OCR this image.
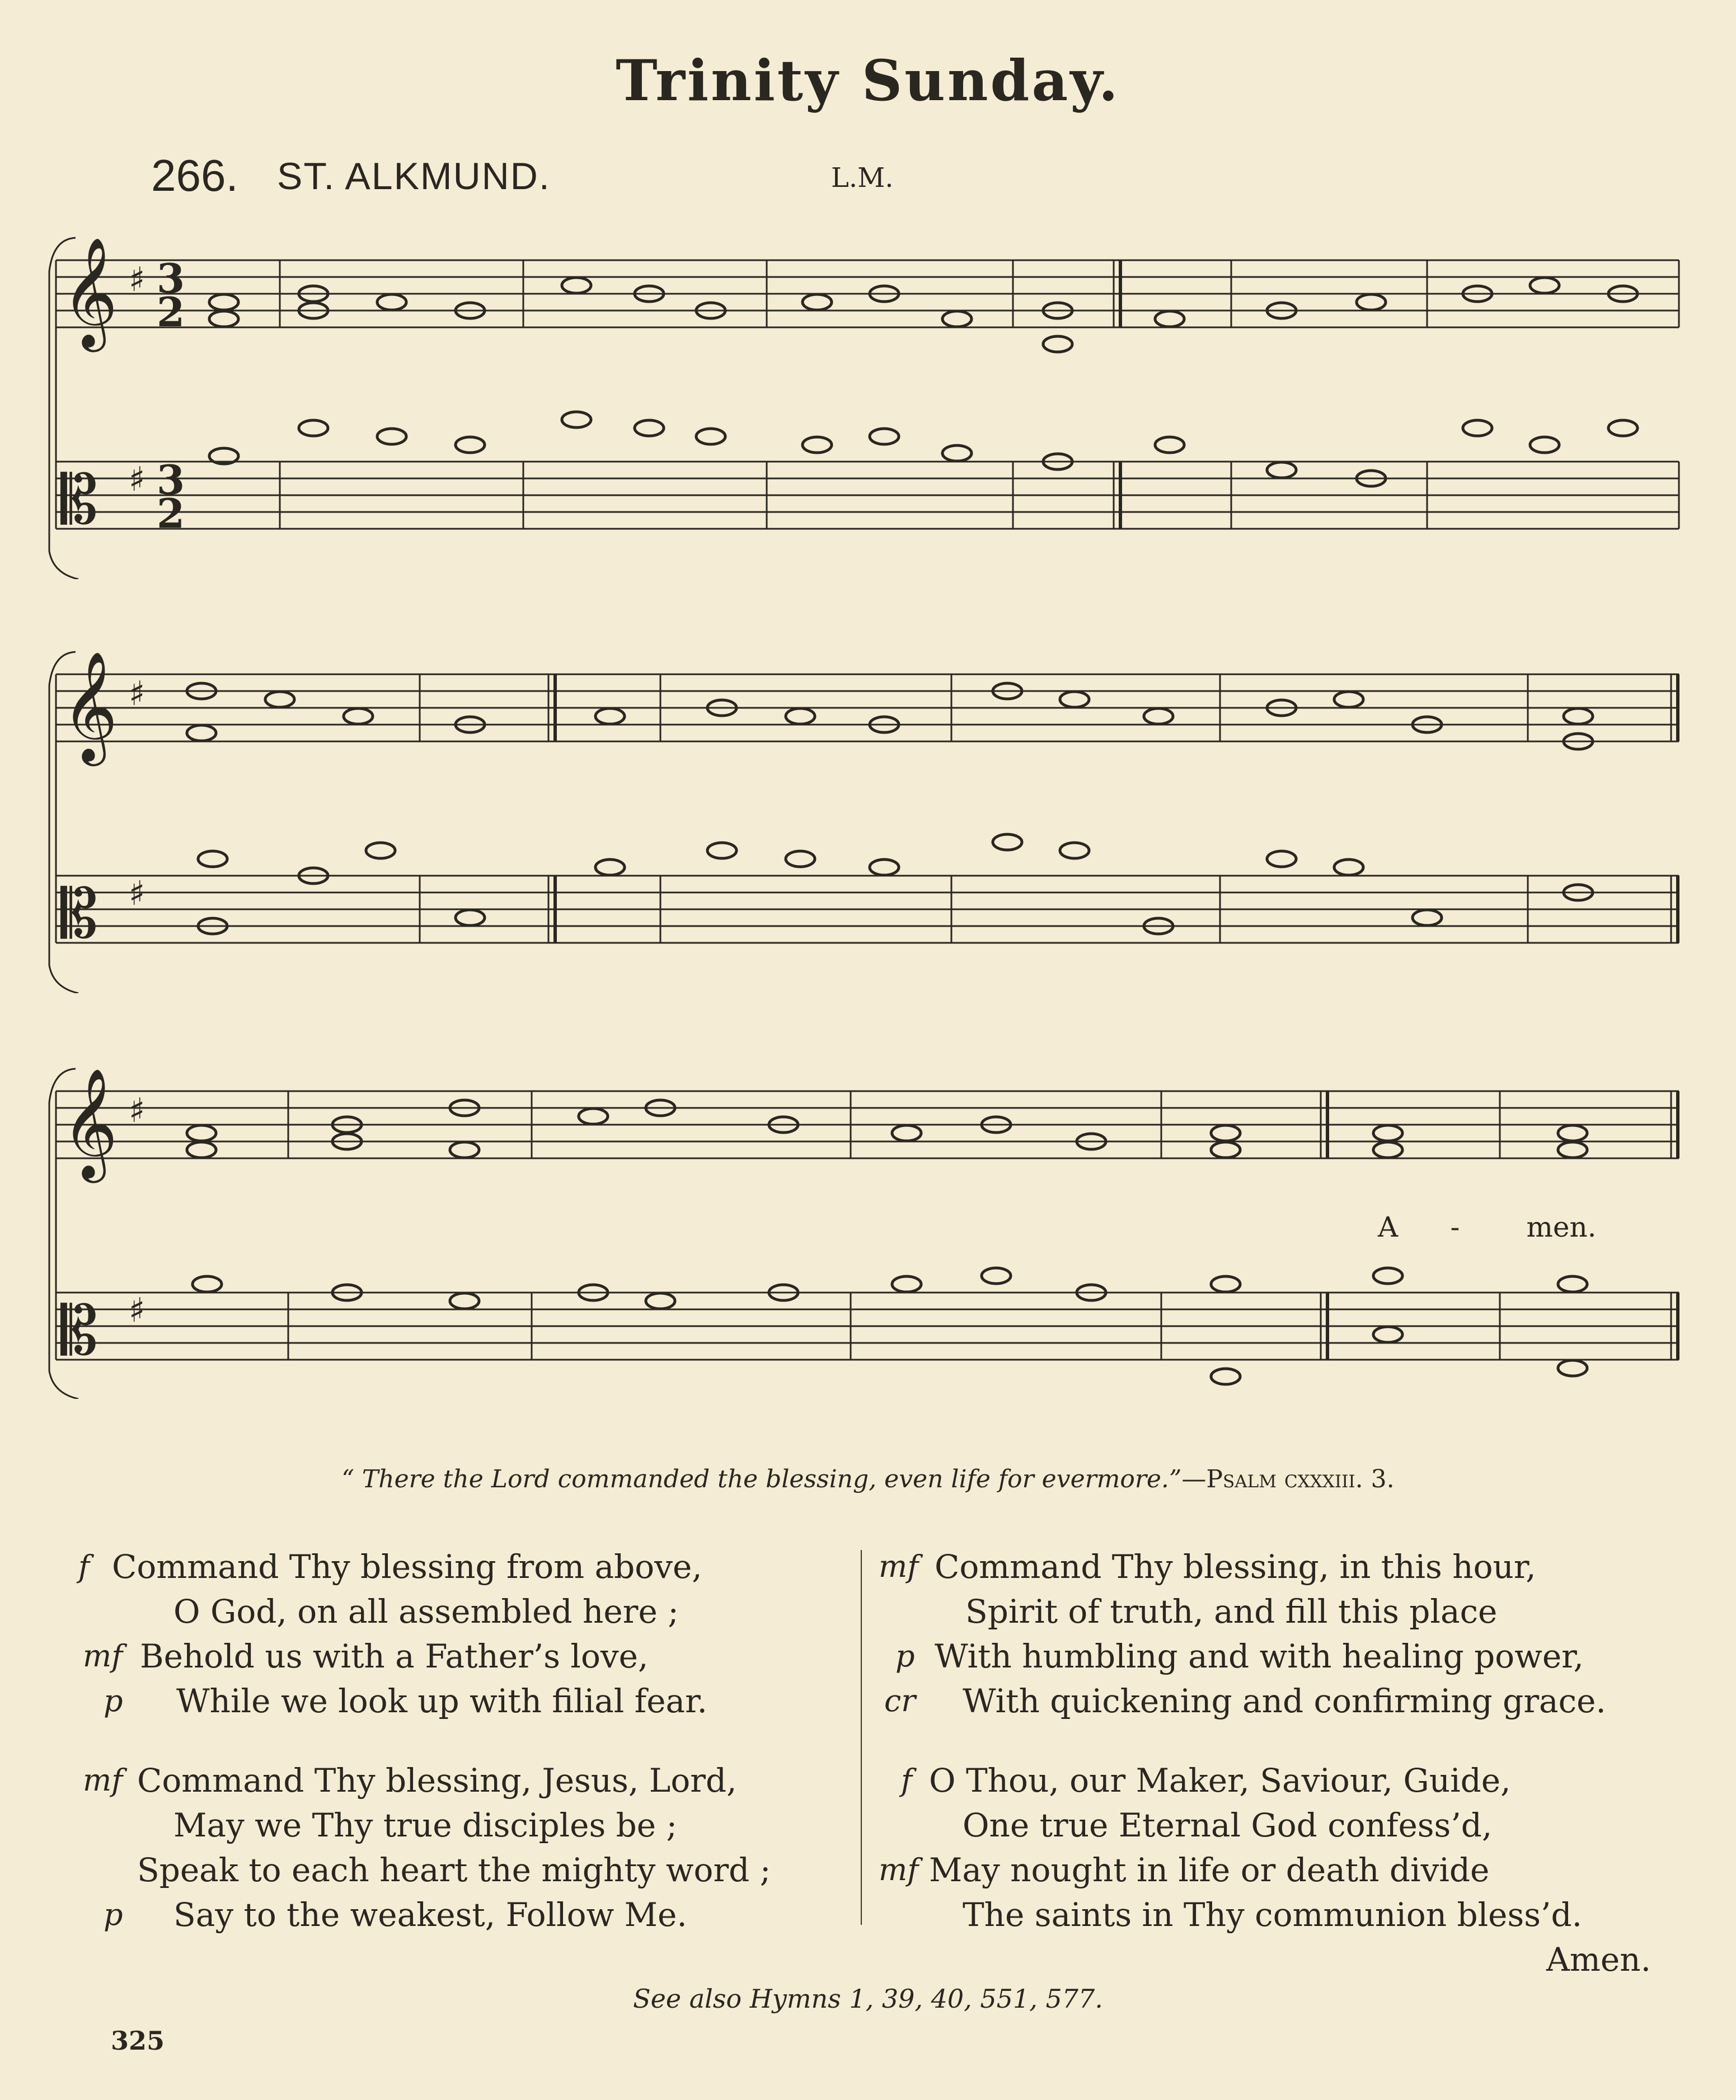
Trinity Sunday.
266. ST. ALKMUND.	L.M.
𝄞
𝄡
♯
♯
3
2
3
2
𝄞
𝄡
♯
♯
𝄞
𝄡
♯
♯
A - men.
“ There the Lord commanded the blessing, even life for evermore.”—Psalm cxxxiii. 3.
f Command Thy blessing from above,
O God, on all assembled here ;
mf Behold us with a Father’s love,
p While we look up with filial fear.
mf Command Thy blessing, Jesus, Lord,
May we Thy true disciples be ;
Speak to each heart the mighty word ;
p Say to the weakest, Follow Me.
mf Command Thy blessing, in this hour,
Spirit of truth, and fill this place
p With humbling and with healing power,
cr With quickening and confirming grace.
f O Thou, our Maker, Saviour, Guide,
One true Eternal God confess’d,
mf May nought in life or death divide
The saints in Thy communion bless’d.
Amen.
See also Hymns 1, 39, 40, 551, 577.
325
